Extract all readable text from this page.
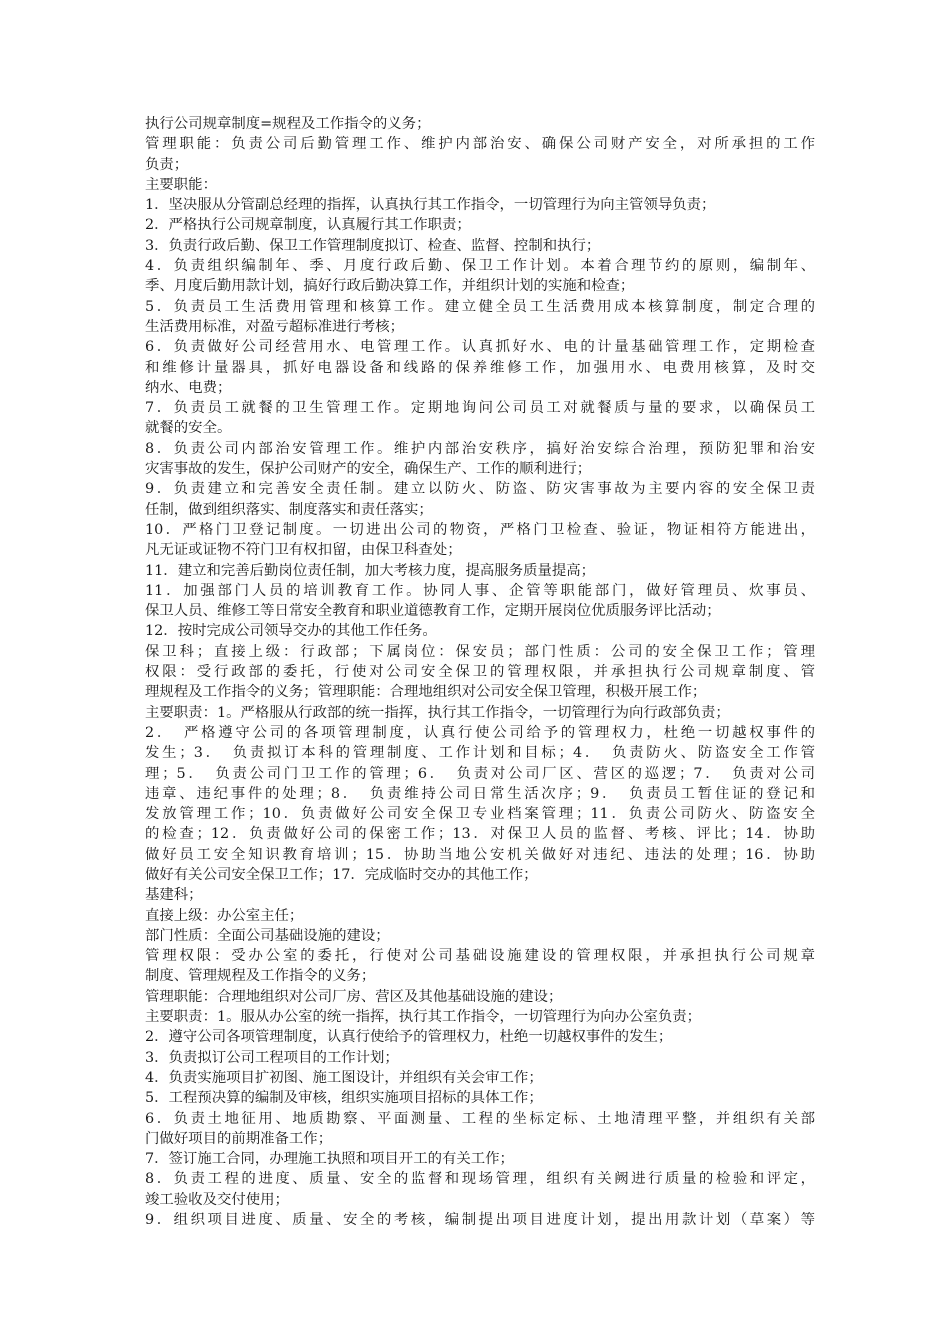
执行公司规章制度=规程及工作指令的义务；
管理职能：负责公司后勤管理工作、维护内部治安、确保公司财产安全，对所承担的工作
负责；
主要职能：
1．坚决服从分管副总经理的指挥，认真执行其工作指令，一切管理行为向主管领导负责；
2．严格执行公司规章制度，认真履行其工作职责；
3．负责行政后勤、保卫工作管理制度拟订、检查、监督、控制和执行；
4．负责组织编制年、季、月度行政后勤、保卫工作计划。本着合理节约的原则，编制年、
季、月度后勤用款计划，搞好行政后勤决算工作，并组织计划的实施和检查；
5．负责员工生活费用管理和核算工作。建立健全员工生活费用成本核算制度，制定合理的
生活费用标准，对盈亏超标准进行考核；
6．负责做好公司经营用水、电管理工作。认真抓好水、电的计量基础管理工作，定期检查
和维修计量器具，抓好电器设备和线路的保养维修工作，加强用水、电费用核算，及时交
纳水、电费；
7．负责员工就餐的卫生管理工作。定期地询问公司员工对就餐质与量的要求，以确保员工
就餐的安全。
8．负责公司内部治安管理工作。维护内部治安秩序，搞好治安综合治理，预防犯罪和治安
灾害事故的发生，保护公司财产的安全，确保生产、工作的顺利进行；
9．负责建立和完善安全责任制。建立以防火、防盗、防灾害事故为主要内容的安全保卫责
任制，做到组织落实、制度落实和责任落实；
10．严格门卫登记制度。一切进出公司的物资，严格门卫检查、验证，物证相符方能进出，
凡无证或证物不符门卫有权扣留，由保卫科查处；
11．建立和完善后勤岗位责任制，加大考核力度，提高服务质量提高；
11．加强部门人员的培训教育工作。协同人事、企管等职能部门，做好管理员、炊事员、
保卫人员、维修工等日常安全教育和职业道德教育工作，定期开展岗位优质服务评比活动；
12．按时完成公司领导交办的其他工作任务。
保卫科；直接上级：行政部；下属岗位：保安员；部门性质：公司的安全保卫工作；管理
权限：受行政部的委托，行使对公司安全保卫的管理权限，并承担执行公司规章制度、管
理规程及工作指令的义务；管理职能：合理地组织对公司安全保卫管理，积极开展工作；
主要职责：1。严格服从行政部的统一指挥，执行其工作指令，一切管理行为向行政部负责；
2．　严格遵守公司的各项管理制度，认真行使公司给予的管理权力，杜绝一切越权事件的
发生；3．　负责拟订本科的管理制度、工作计划和目标；4．　负责防火、防盗安全工作管
理；5．　负责公司门卫工作的管理；6．　负责对公司厂区、营区的巡逻；7．　负责对公司
违章、违纪事件的处理；8．　负责维持公司日常生活次序；9．　负责员工暂住证的登记和
发放管理工作；10．负责做好公司安全保卫专业档案管理；11．负责公司防火、防盗安全
的检查；12．负责做好公司的保密工作；13．对保卫人员的监督、考核、评比；14．协助
做好员工安全知识教育培训；15．协助当地公安机关做好对违纪、违法的处理；16．协助
做好有关公司安全保卫工作；17．完成临时交办的其他工作；
基建科；
直接上级：办公室主任；
部门性质：全面公司基础设施的建设；
管理权限：受办公室的委托，行使对公司基础设施建设的管理权限，并承担执行公司规章
制度、管理规程及工作指令的义务；
管理职能：合理地组织对公司厂房、营区及其他基础设施的建设；
主要职责：1。服从办公室的统一指挥，执行其工作指令，一切管理行为向办公室负责；
2．遵守公司各项管理制度，认真行使给予的管理权力，杜绝一切越权事件的发生；
3．负责拟订公司工程项目的工作计划；
4．负责实施项目扩初图、施工图设计，并组织有关会审工作；
5．工程预决算的编制及审核，组织实施项目招标的具体工作；
6．负责土地征用、地质勘察、平面测量、工程的坐标定标、土地清理平整，并组织有关部
门做好项目的前期准备工作；
7．签订施工合同，办理施工执照和项目开工的有关工作；
8．负责工程的进度、质量、安全的监督和现场管理，组织有关阙进行质量的检验和评定，
竣工验收及交付使用；
9．组织项目进度、质量、安全的考核，编制提出项目进度计划，提出用款计划（草案）等
